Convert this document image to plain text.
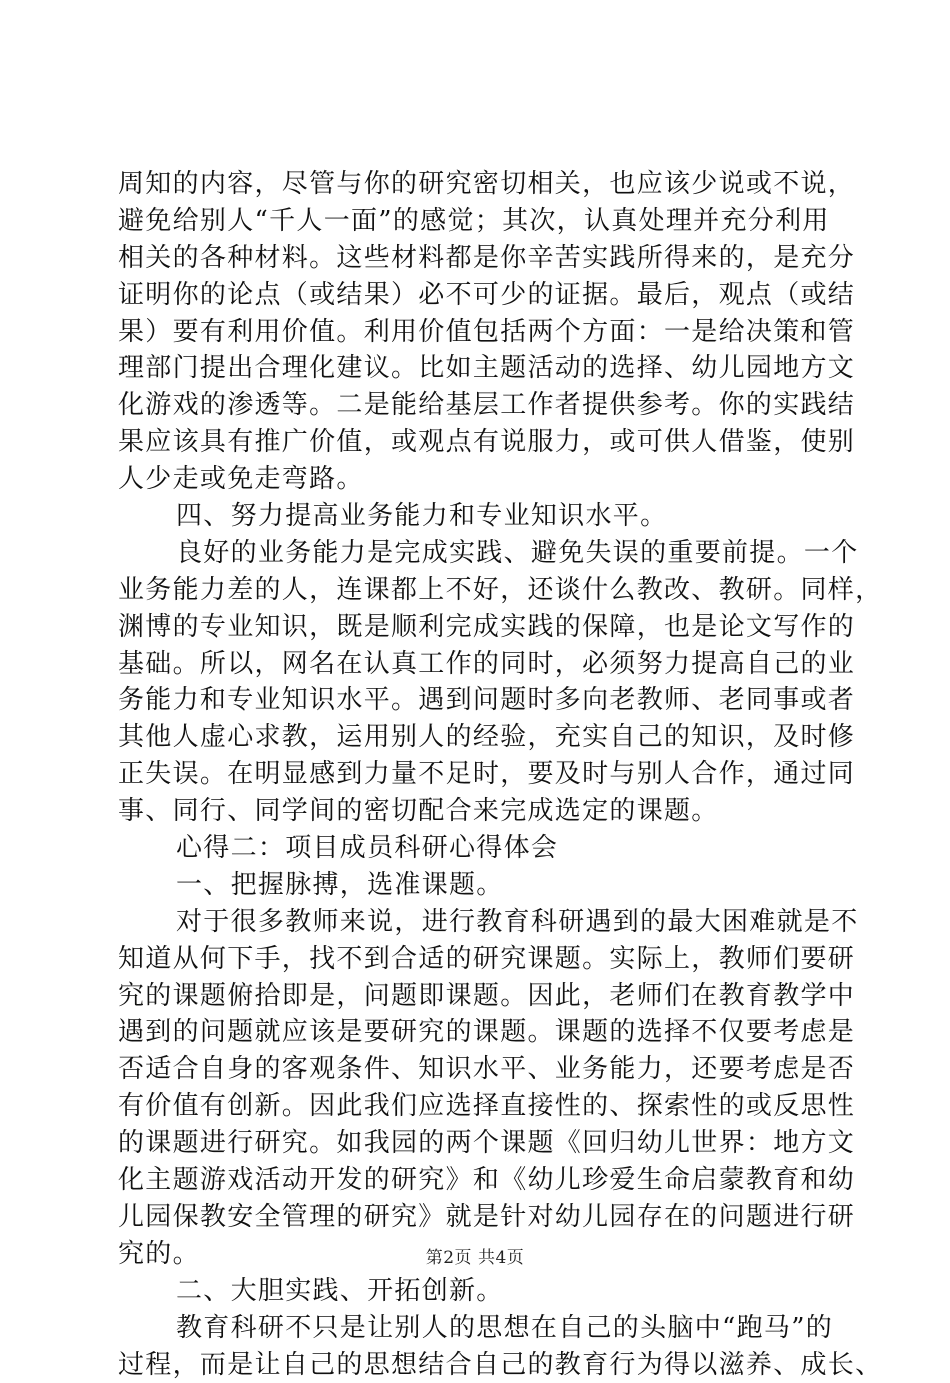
周知的内容，尽管与你的研究密切相关，也应该少说或不说，
避免给别人“千人一面”的感觉；其次，认真处理并充分利用
相关的各种材料。这些材料都是你辛苦实践所得来的，是充分
证明你的论点（或结果）必不可少的证据。最后，观点（或结
果）要有利用价值。利用价值包括两个方面：一是给决策和管
理部门提出合理化建议。比如主题活动的选择、幼儿园地方文
化游戏的渗透等。二是能给基层工作者提供参考。你的实践结
果应该具有推广价值，或观点有说服力，或可供人借鉴，使别
人少走或免走弯路。
四、努力提高业务能力和专业知识水平。
良好的业务能力是完成实践、避免失误的重要前提。一个
业务能力差的人，连课都上不好，还谈什么教改、教研。同样，
渊博的专业知识，既是顺利完成实践的保障，也是论文写作的
基础。所以，网名在认真工作的同时，必须努力提高自己的业
务能力和专业知识水平。遇到问题时多向老教师、老同事或者
其他人虚心求教，运用别人的经验，充实自己的知识，及时修
正失误。在明显感到力量不足时，要及时与别人合作，通过同
事、同行、同学间的密切配合来完成选定的课题。
心得二：项目成员科研心得体会
一、把握脉搏，选准课题。
对于很多教师来说，进行教育科研遇到的最大困难就是不
知道从何下手，找不到合适的研究课题。实际上，教师们要研
究的课题俯拾即是，问题即课题。因此，老师们在教育教学中
遇到的问题就应该是要研究的课题。课题的选择不仅要考虑是
否适合自身的客观条件、知识水平、业务能力，还要考虑是否
有价值有创新。因此我们应选择直接性的、探索性的或反思性
的课题进行研究。如我园的两个课题《回归幼儿世界：地方文
化主题游戏活动开发的研究》和《幼儿珍爱生命启蒙教育和幼
儿园保教安全管理的研究》就是针对幼儿园存在的问题进行研
究的。
二、大胆实践、开拓创新。
教育科研不只是让别人的思想在自己的头脑中“跑马”的
过程，而是让自己的思想结合自己的教育行为得以滋养、成长、
第2页 共4页
